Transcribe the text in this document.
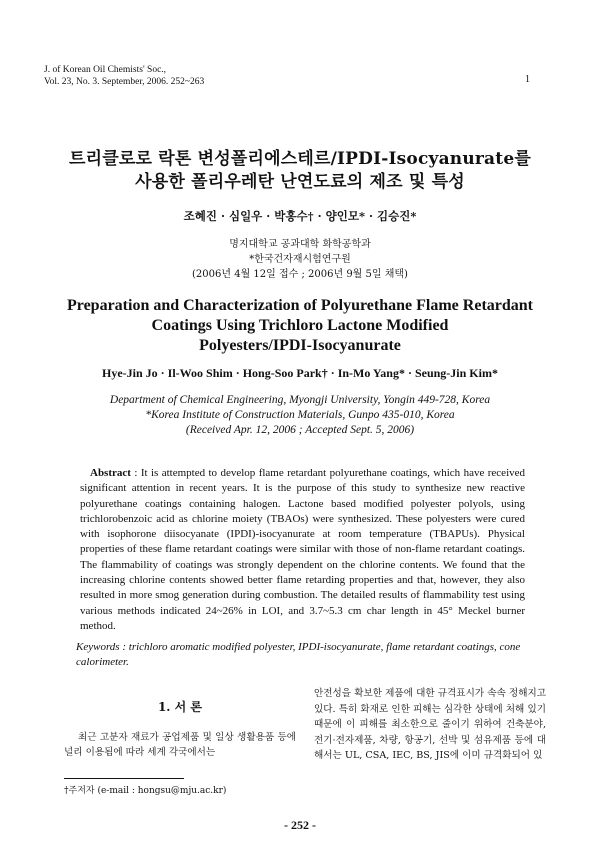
J. of Korean Oil Chemists' Soc.,
Vol. 23, No. 3. September, 2006. 252~263	1
트리클로로 락톤 변성폴리에스테르/IPDI-Isocyanurate를
사용한 폴리우레탄 난연도료의 제조 및 특성
조혜진 · 심일우 · 박홍수† · 양인모* · 김승진*
명지대학교 공과대학 화학공학과
*한국건자재시험연구원
(2006년 4월 12일 접수 ; 2006년 9월 5일 채택)
Preparation and Characterization of Polyurethane Flame Retardant
Coatings Using Trichloro Lactone Modified
Polyesters/IPDI-Isocyanurate
Hye-Jin Jo · Il-Woo Shim · Hong-Soo Park† · In-Mo Yang* · Seung-Jin Kim*
Department of Chemical Engineering, Myongji University, Yongin 449-728, Korea
*Korea Institute of Construction Materials, Gunpo 435-010, Korea
(Received Apr. 12, 2006 ; Accepted Sept. 5, 2006)
Abstract : It is attempted to develop flame retardant polyurethane coatings, which have received significant attention in recent years. It is the purpose of this study to synthesize new reactive polyurethane coatings containing halogen. Lactone based modified polyester polyols, using trichlorobenzoic acid as chlorine moiety (TBAOs) were synthesized. These polyesters were cured with isophorone diisocyanate (IPDI)-isocyanurate at room temperature (TBAPUs). Physical properties of these flame retardant coatings were similar with those of non-flame retardant coatings. The flammability of coatings was strongly dependent on the chlorine contents. We found that the increasing chlorine contents showed better flame retarding properties and that, however, they also resulted in more smog generation during combustion. The detailed results of flammability test using various methods indicated 24~26% in LOI, and 3.7~5.3 cm char length in 45° Meckel burner method.
Keywords : trichloro aromatic modified polyester, IPDI-isocyanurate, flame retardant coatings, cone calorimeter.
1. 서 론

최근 고분자 재료가 공업제품 및 일상 생활용품 등에 널리 이용됨에 따라 세계 각국에서는

안전성을 확보한 제품에 대한 규격표시가 속속 정해지고 있다. 특히 화재로 인한 피해는 심각한 상태에 처해 있기 때문에 이 피해를 최소한으로 줄이기 위하여 건축분야, 전기·전자제품, 차량, 항공기, 선박 및 섬유제품 등에 대해서는 UL, CSA, IEC, BS, JIS에 이미 규격화되어 있

†주저자 (e-mail : hongsu@mju.ac.kr)
- 252 -
